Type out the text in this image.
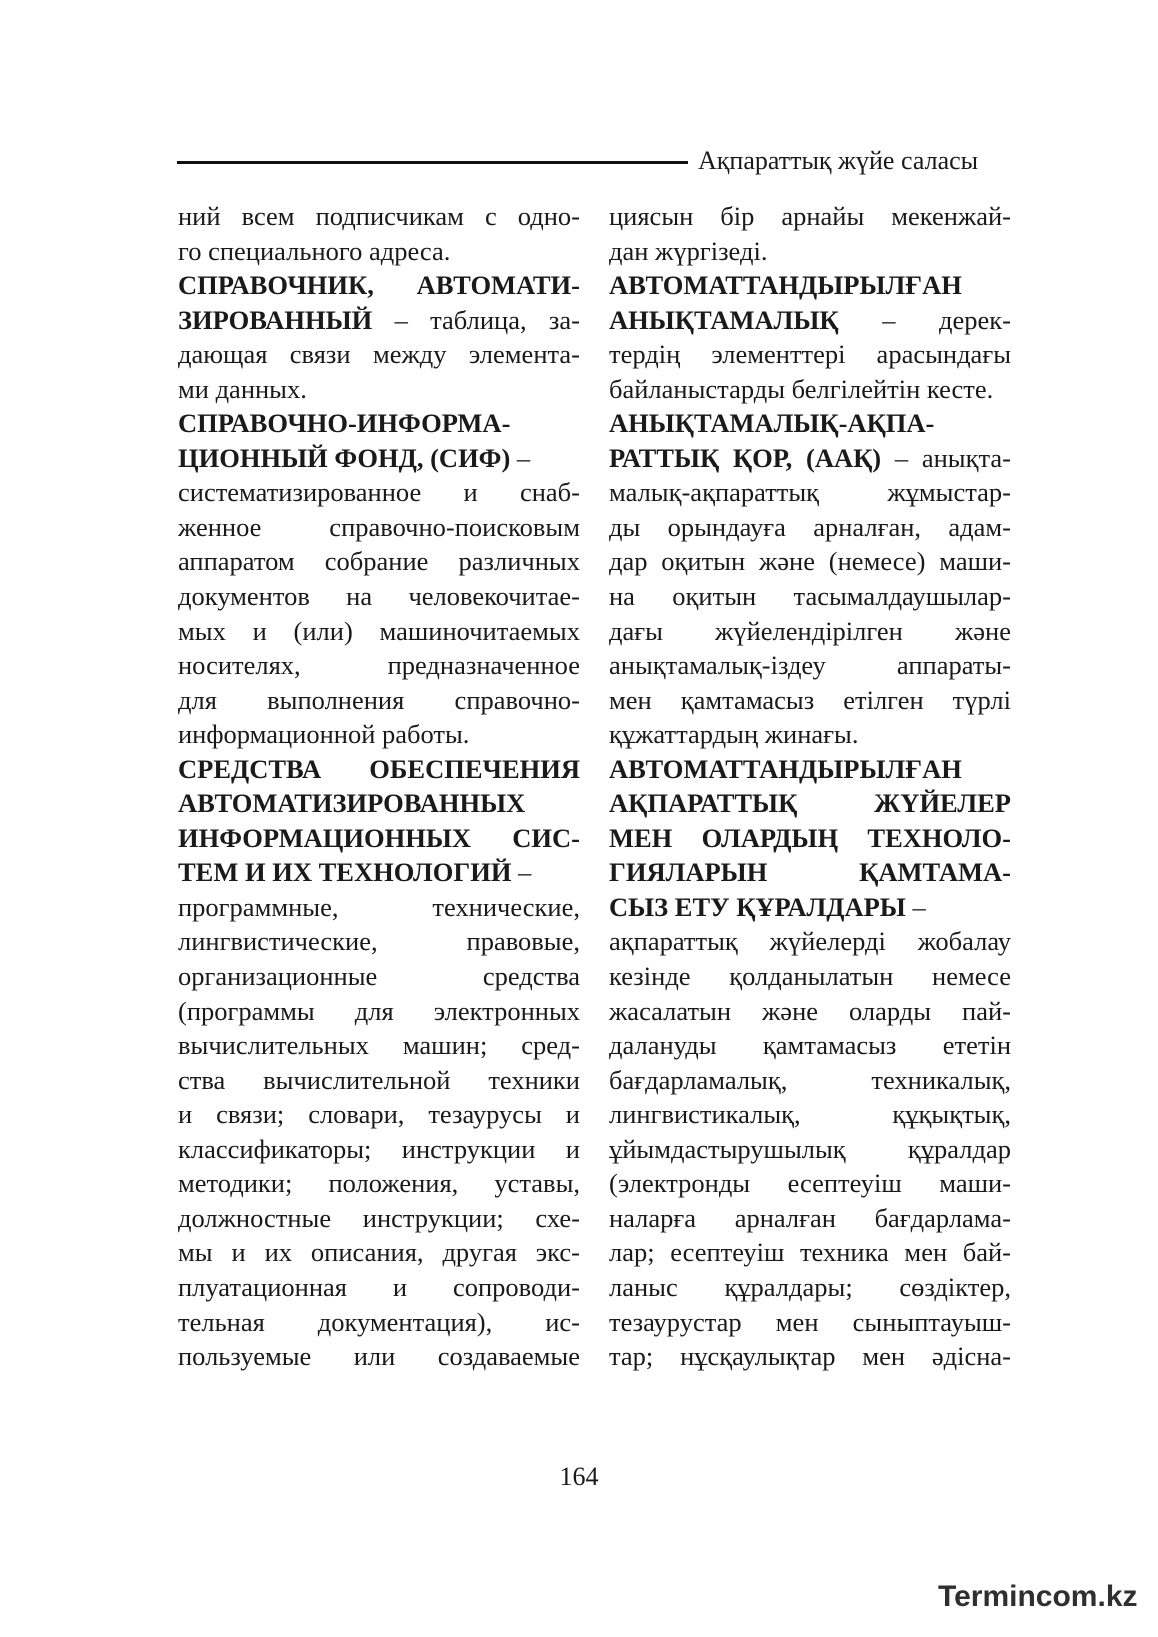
Ақпараттық жүйе саласы
ний всем подписчикам с одно-
го специального адреса.
СПРАВОЧНИК, АВТОМАТИ-
ЗИРОВАННЫЙ – таблица, за-
дающая связи между элемента-
ми данных.
СПРАВОЧНО-ИНФОРМА-
ЦИОННЫЙ ФОНД, (СИФ) –
систематизированное и снаб-
женное справочно-поисковым
аппаратом собрание различных
документов на человекочитае-
мых и (или) машиночитаемых
носителях, предназначенное
для выполнения справочно-
информационной работы.
СРЕДСТВА ОБЕСПЕЧЕНИЯ
АВТОМАТИЗИРОВАННЫХ
ИНФОРМАЦИОННЫХ СИС-
ТЕМ И ИХ ТЕХНОЛОГИЙ –
программные, технические,
лингвистические, правовые,
организационные средства
(программы для электронных
вычислительных машин; сред-
ства вычислительной техники
и связи; словари, тезаурусы и
классификаторы; инструкции и
методики; положения, уставы,
должностные инструкции; схе-
мы и их описания, другая экс-
плуатационная и сопроводи-
тельная документация), ис-
пользуемые или создаваемые
циясын бір арнайы мекенжай-
дан жүргізеді.
АВТОМАТТАНДЫРЫЛҒАН
АНЫҚТАМАЛЫҚ – дерек-
тердің элементтері арасындағы
байланыстарды белгілейтін кесте.
АНЫҚТАМАЛЫҚ-АҚПА-
РАТТЫҚ ҚОР, (ААҚ) – анықта-
малық-ақпараттық жұмыстар-
ды орындауға арналған, адам-
дар оқитын және (немесе) маши-
на оқитын тасымалдаушылар-
дағы жүйелендірілген және
анықтамалық-іздеу аппараты-
мен қамтамасыз етілген түрлі
құжаттардың жинағы.
АВТОМАТТАНДЫРЫЛҒАН
АҚПАРАТТЫҚ ЖҮЙЕЛЕР
МЕН ОЛАРДЫҢ ТЕХНОЛО-
ГИЯЛАРЫН ҚАМТАМА-
СЫЗ ЕТУ ҚҰРАЛДАРЫ –
ақпараттық жүйелерді жобалау
кезінде қолданылатын немесе
жасалатын және оларды пай-
далануды қамтамасыз ететін
бағдарламалық, техникалық,
лингвистикалық, құқықтық,
ұйымдастырушылық құралдар
(электронды есептеуіш маши-
наларға арналған бағдарлама-
лар; есептеуіш техника мен бай-
ланыс құралдары; сөздіктер,
тезаурустар мен сыныптауыш-
тар; нұсқаулықтар мен әдісна-
164
Termincom.kz
